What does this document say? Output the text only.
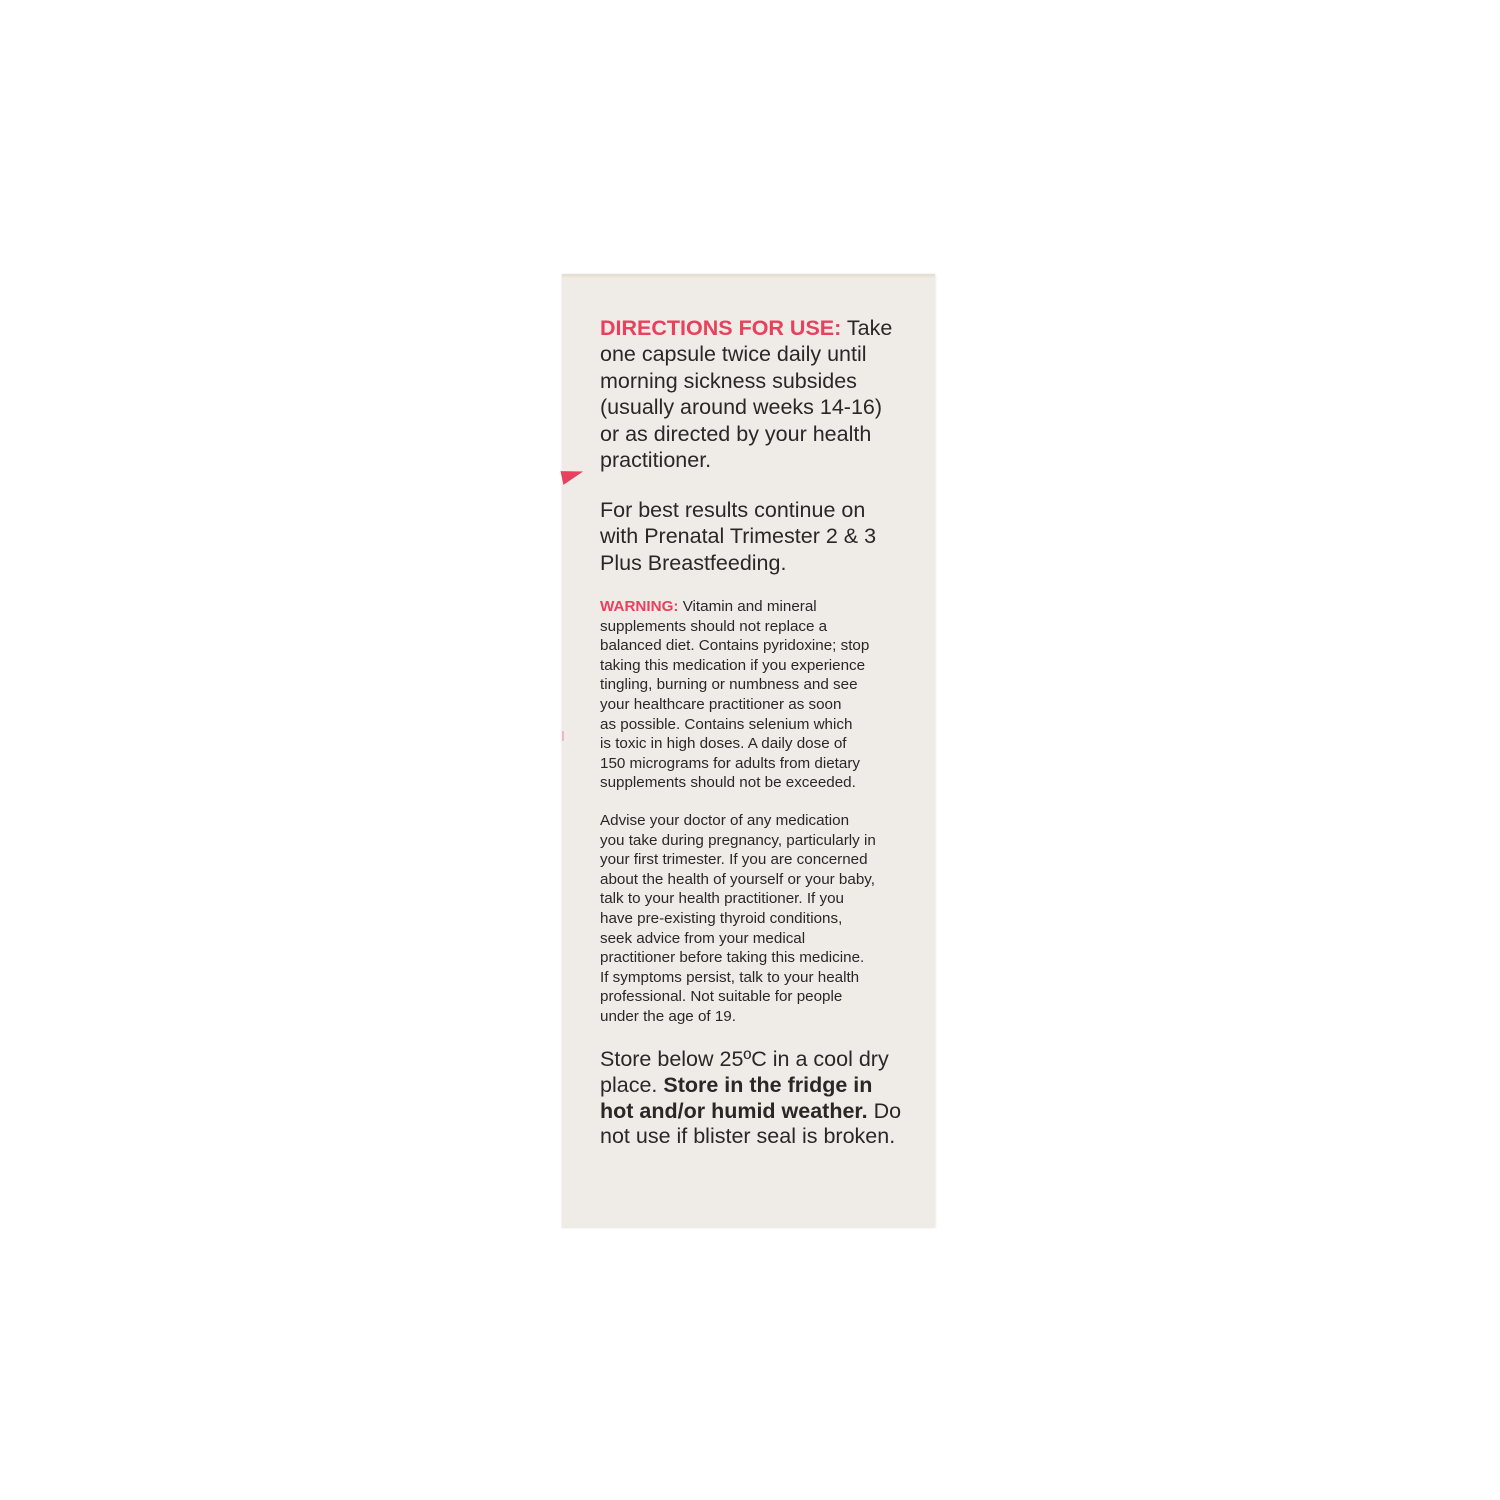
DIRECTIONS FOR USE: Take
one capsule twice daily until
morning sickness subsides
(usually around weeks 14-16)
or as directed by your health
practitioner.
For best results continue on
with Prenatal Trimester 2 & 3
Plus Breastfeeding.
WARNING: Vitamin and mineral
supplements should not replace a
balanced diet. Contains pyridoxine; stop
taking this medication if you experience
tingling, burning or numbness and see
your healthcare practitioner as soon
as possible. Contains selenium which
is toxic in high doses. A daily dose of
150 micrograms for adults from dietary
supplements should not be exceeded.
Advise your doctor of any medication
you take during pregnancy, particularly in
your first trimester. If you are concerned
about the health of yourself or your baby,
talk to your health practitioner. If you
have pre-existing thyroid conditions,
seek advice from your medical
practitioner before taking this medicine.
If symptoms persist, talk to your health
professional. Not suitable for people
under the age of 19.
Store below 25ºC in a cool dry
place. Store in the fridge in
hot and/or humid weather. Do
not use if blister seal is broken.
